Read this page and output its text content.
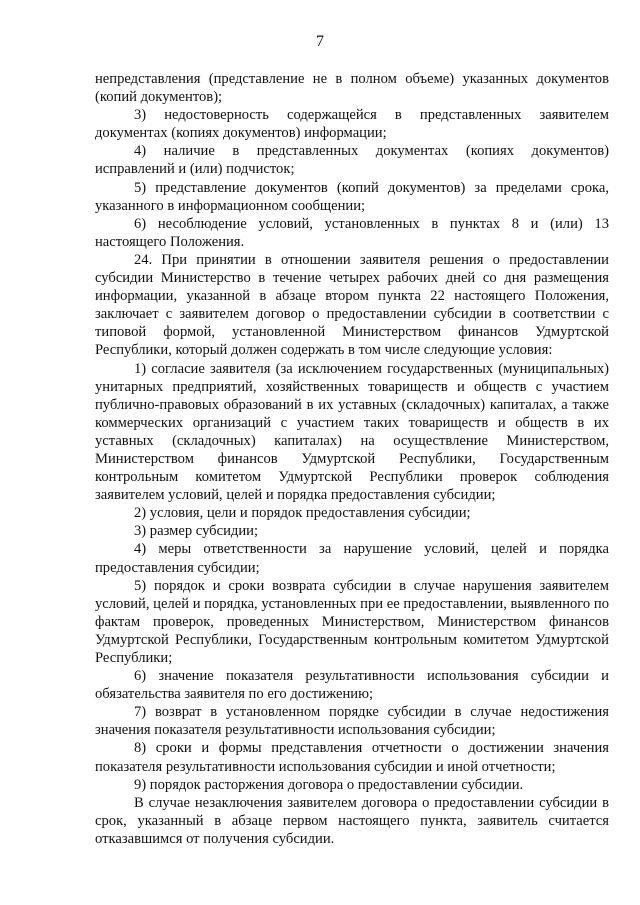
7

непредставления (представление не в полном объеме) указанных документов (копий документов);

3) недостоверность содержащейся в представленных заявителем документах (копиях документов) информации;

4) наличие в представленных документах (копиях документов) исправлений и (или) подчисток;

5) представление документов (копий документов) за пределами срока, указанного в информационном сообщении;

6) несоблюдение условий, установленных в пунктах 8 и (или) 13 настоящего Положения.

24. При принятии в отношении заявителя решения о предоставлении субсидии Министерство в течение четырех рабочих дней со дня размещения информации, указанной в абзаце втором пункта 22 настоящего Положения, заключает с заявителем договор о предоставлении субсидии в соответствии с типовой формой, установленной Министерством финансов Удмуртской Республики, который должен содержать в том числе следующие условия:

1) согласие заявителя (за исключением государственных (муниципальных) унитарных предприятий, хозяйственных товариществ и обществ с участием публично-правовых образований в их уставных (складочных) капиталах, а также коммерческих организаций с участием таких товариществ и обществ в их уставных (складочных) капиталах) на осуществление Министерством, Министерством финансов Удмуртской Республики, Государственным контрольным комитетом Удмуртской Республики проверок соблюдения заявителем условий, целей и порядка предоставления субсидии;

2) условия, цели и порядок предоставления субсидии;

3) размер субсидии;

4) меры ответственности за нарушение условий, целей и порядка предоставления субсидии;

5) порядок и сроки возврата субсидии в случае нарушения заявителем условий, целей и порядка, установленных при ее предоставлении, выявленного по фактам проверок, проведенных Министерством, Министерством финансов Удмуртской Республики, Государственным контрольным комитетом Удмуртской Республики;

6) значение показателя результативности использования субсидии и обязательства заявителя по его достижению;

7) возврат в установленном порядке субсидии в случае недостижения значения показателя результативности использования субсидии;

8) сроки и формы представления отчетности о достижении значения показателя результативности использования субсидии и иной отчетности;

9) порядок расторжения договора о предоставлении субсидии.

В случае незаключения заявителем договора о предоставлении субсидии в срок, указанный в абзаце первом настоящего пункта, заявитель считается отказавшимся от получения субсидии.
